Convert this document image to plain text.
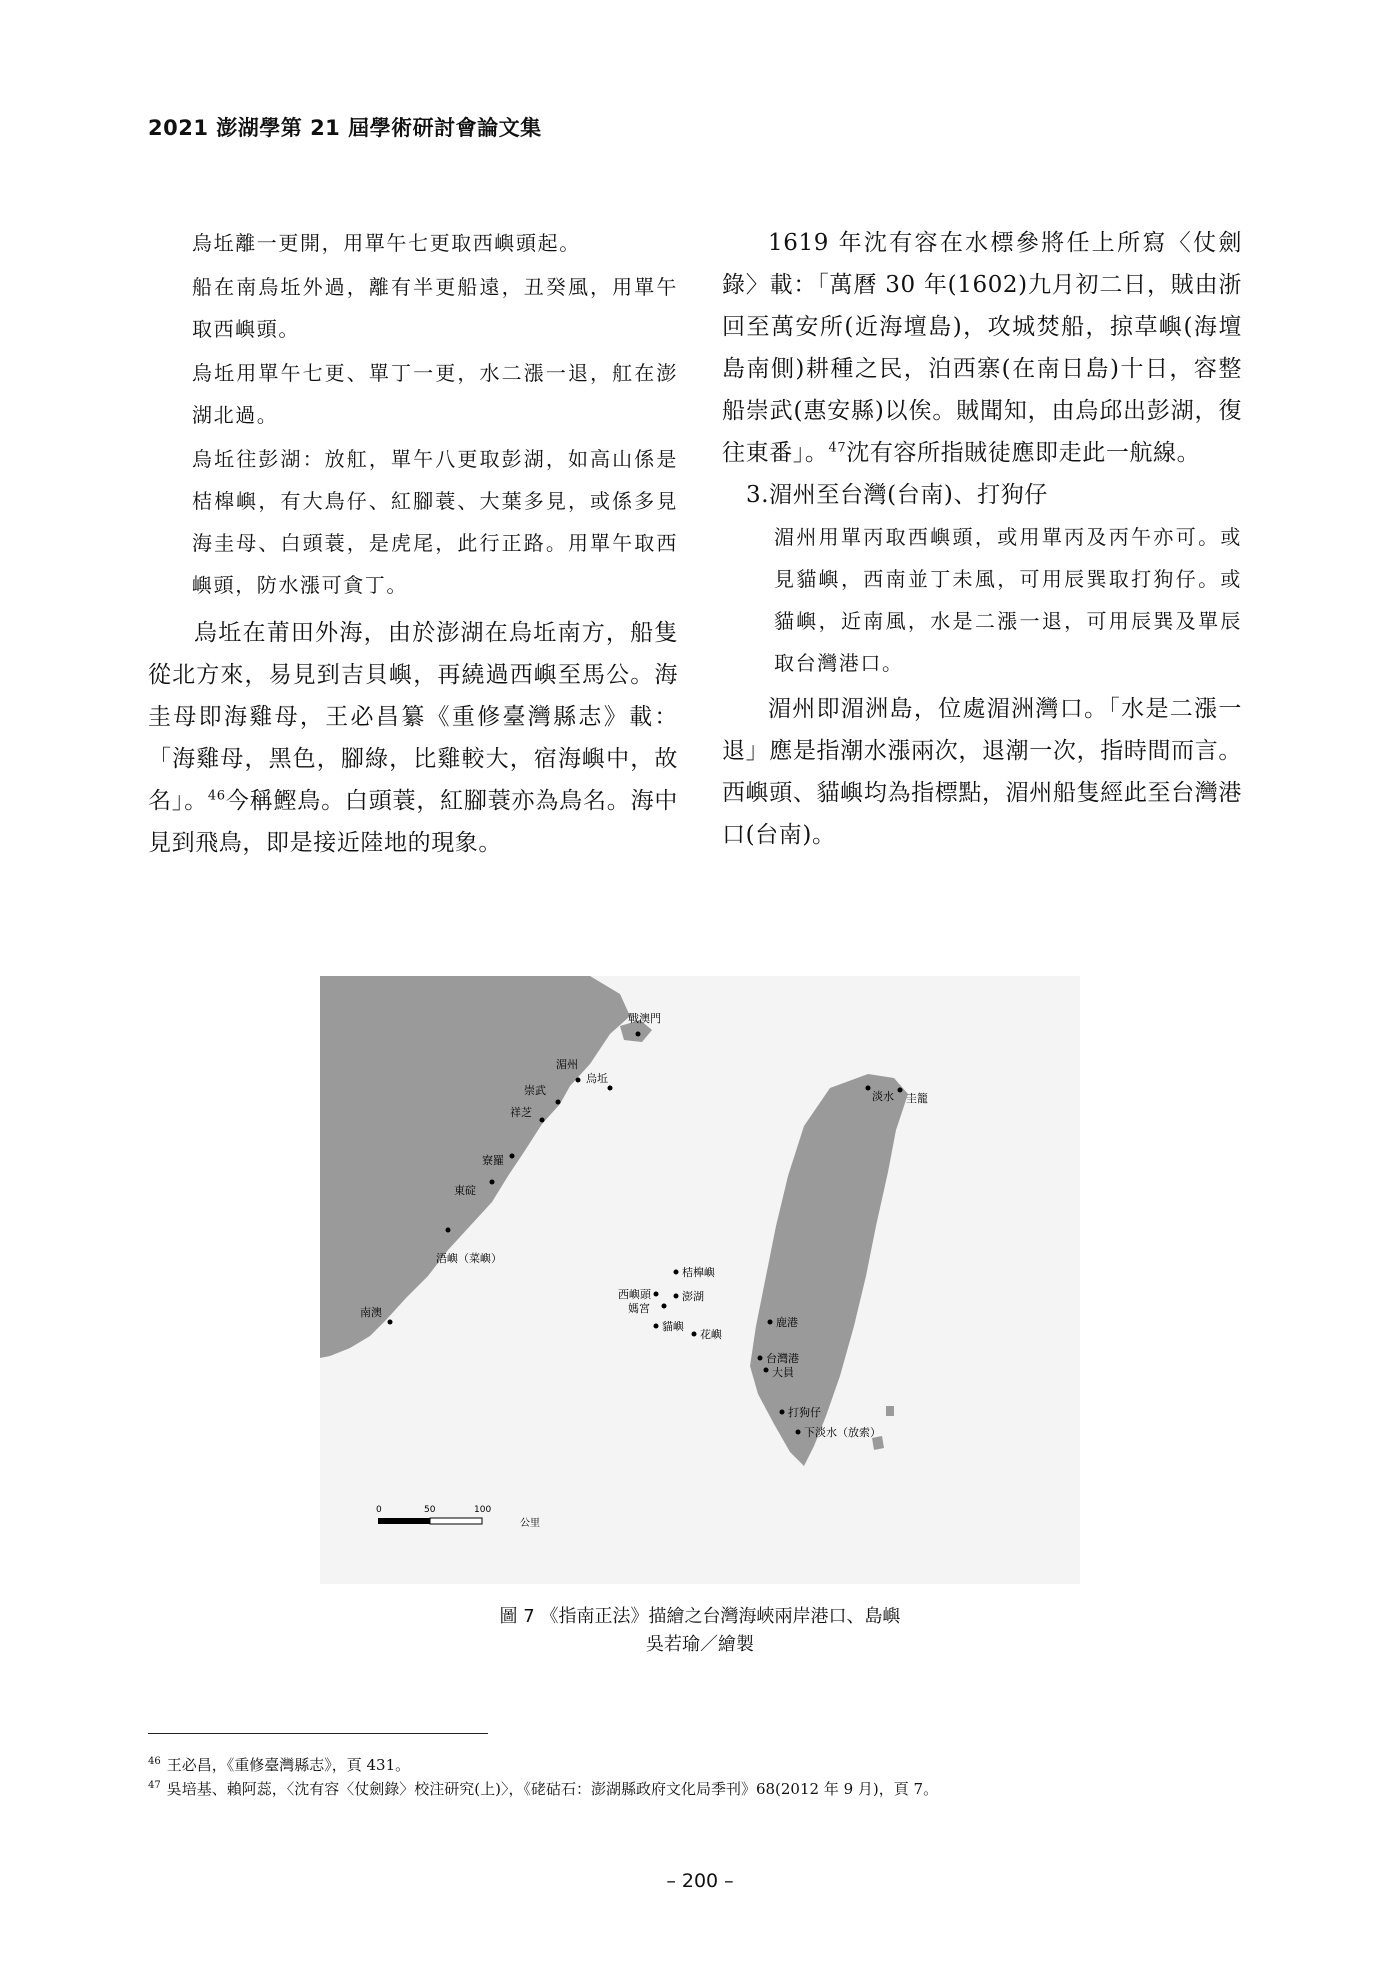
2021 澎湖學第 21 屆學術研討會論文集

烏坵離一更開，用單午七更取西嶼頭起。

船在南烏坵外過，離有半更船遠，丑癸風，用單午取西嶼頭。

烏坵用單午七更、單丁一更，水二漲一退，舡在澎湖北過。

烏坵往彭湖：放舡，單午八更取彭湖，如高山係是桔槹嶼，有大鳥仔、紅腳蓑、大葉多見，或係多見海圭母、白頭蓑，是虎尾，此行正路。用單午取西嶼頭，防水漲可貪丁。

烏坵在莆田外海，由於澎湖在烏坵南方，船隻從北方來，易見到吉貝嶼，再繞過西嶼至馬公。海圭母即海雞母，王必昌纂《重修臺灣縣志》載：「海雞母，黑色，腳綠，比雞較大，宿海嶼中，故名」。$^{46}$今稱鰹鳥。白頭蓑，紅腳蓑亦為鳥名。海中見到飛鳥，即是接近陸地的現象。

1619 年沈有容在水標參將任上所寫〈仗劍錄〉載：「萬曆 30 年(1602)九月初二日，賊由浙回至萬安所(近海壇島)，攻城焚船，掠草嶼(海壇島南側)耕種之民，泊西寨(在南日島)十日，容整船崇武(惠安縣)以俟。賊聞知，由烏邱出彭湖，復往東番」。$^{47}$沈有容所指賊徒應即走此一航線。

3.湄州至台灣(台南)、打狗仔

湄州用單丙取西嶼頭，或用單丙及丙午亦可。或見貓嶼，西南並丁未風，可用辰巽取打狗仔。或貓嶼，近南風，水是二漲一退，可用辰巽及單辰取台灣港口。

湄州即湄洲島，位處湄洲灣口。「水是二漲一退」應是指潮水漲兩次，退潮一次，指時間而言。西嶼頭、貓嶼均為指標點，湄州船隻經此至台灣港口(台南)。

戰澳門
湄州
烏坵
崇武
祥芝
寮羅
東碇
浯嶼（菜嶼）
南澳
桔槹嶼
西嶼頭
媽宮
澎湖
貓嶼
花嶼
淡水 圭籠
鹿港
台灣港
大員
打狗仔
下淡水（放索）
0	50	100
公里
圖 7 《指南正法》描繪之台灣海峽兩岸港口、島嶼
吳若瑜／繪製
$^{46}$ 王必昌，《重修臺灣縣志》，頁 431。
$^{47}$ 吳培基、賴阿蕊，〈沈有容〈仗劍錄〉校注研究(上)〉，《硓𥑮石：澎湖縣政府文化局季刊》68(2012 年 9 月)，頁 7。
– 200 –
